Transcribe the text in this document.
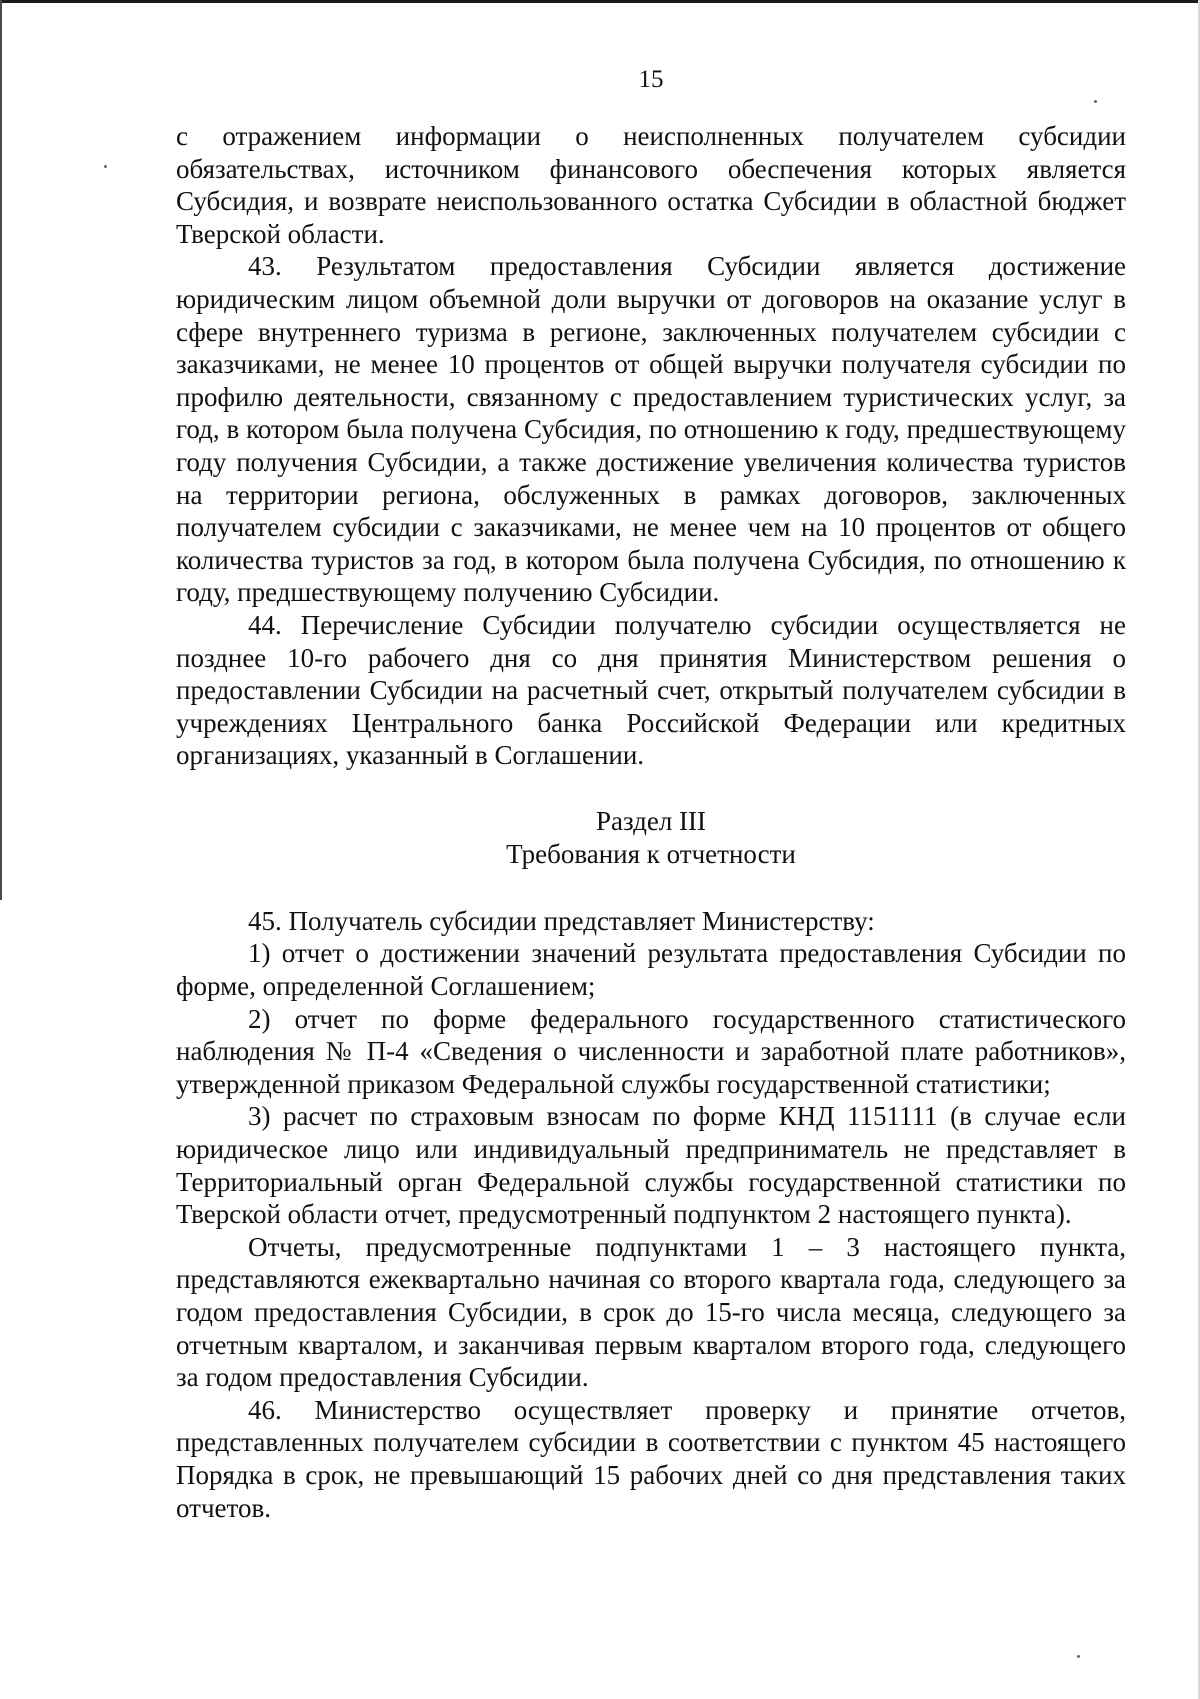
15

с отражением информации о неисполненных получателем субсидии обязательствах, источником финансового обеспечения которых является Субсидия, и возврате неиспользованного остатка Субсидии в областной бюджет Тверской области.

43. Результатом предоставления Субсидии является достижение юридическим лицом объемной доли выручки от договоров на оказание услуг в сфере внутреннего туризма в регионе, заключенных получателем субсидии с заказчиками, не менее 10 процентов от общей выручки получателя субсидии по профилю деятельности, связанному с предоставлением туристических услуг, за год, в котором была получена Субсидия, по отношению к году, предшествующему году получения Субсидии, а также достижение увеличения количества туристов на территории региона, обслуженных в рамках договоров, заключенных получателем субсидии с заказчиками, не менее чем на 10 процентов от общего количества туристов за год, в котором была получена Субсидия, по отношению к году, предшествующему получению Субсидии.

44. Перечисление Субсидии получателю субсидии осуществляется не позднее 10-го рабочего дня со дня принятия Министерством решения о предоставлении Субсидии на расчетный счет, открытый получателем субсидии в учреждениях Центрального банка Российской Федерации или кредитных организациях, указанный в Соглашении.

Раздел III

Требования к отчетности

45. Получатель субсидии представляет Министерству:

1) отчет о достижении значений результата предоставления Субсидии по форме, определенной Соглашением;

2) отчет по форме федерального государственного статистического наблюдения № П-4 «Сведения о численности и заработной плате работников», утвержденной приказом Федеральной службы государственной статистики;

3) расчет по страховым взносам по форме КНД 1151111 (в случае если юридическое лицо или индивидуальный предприниматель не представляет в Территориальный орган Федеральной службы государственной статистики по Тверской области отчет, предусмотренный подпунктом 2 настоящего пункта).

Отчеты, предусмотренные подпунктами 1 – 3 настоящего пункта, представляются ежеквартально начиная со второго квартала года, следующего за годом предоставления Субсидии, в срок до 15-го числа месяца, следующего за отчетным кварталом, и заканчивая первым кварталом второго года, следующего за годом предоставления Субсидии.

46. Министерство осуществляет проверку и принятие отчетов, представленных получателем субсидии в соответствии с пунктом 45 настоящего Порядка в срок, не превышающий 15 рабочих дней со дня представления таких отчетов.
